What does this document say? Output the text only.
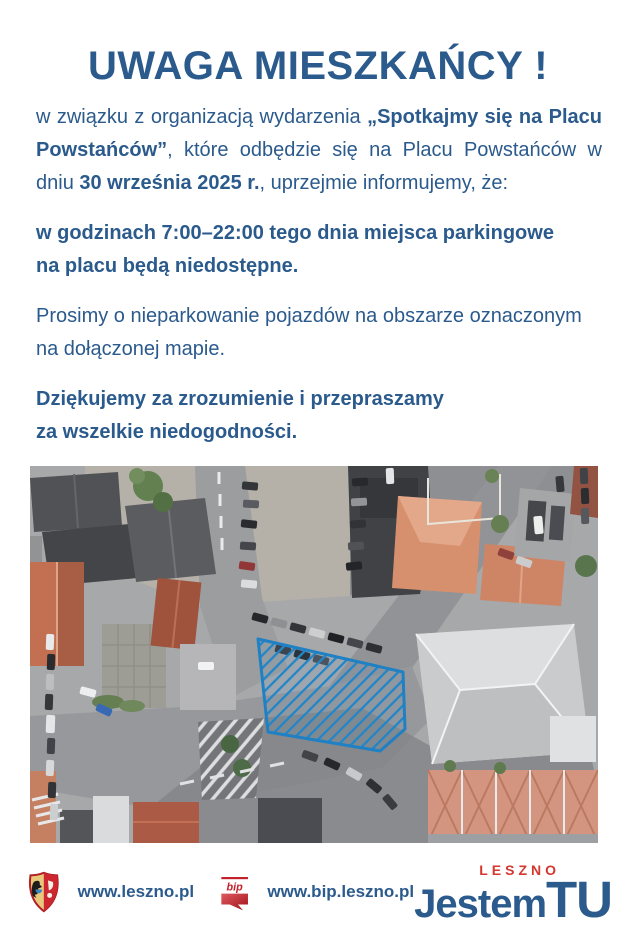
UWAGA MIESZKAŃCY !

w związku z organizacją wydarzenia „Spotkajmy się na Placu Powstańców”, które odbędzie się na Placu Powstańców w dniu 30 września 2025 r., uprzejmie informujemy, że:

w godzinach 7:00–22:00 tego dnia miejsca parkingowe
na placu będą niedostępne.

Prosimy o nieparkowanie pojazdów na obszarze oznaczonym
na dołączonej mapie.

Dziękujemy za zrozumienie i przepraszamy
za wszelkie niedogodności.

www.leszno.pl	bip www.bip.leszno.pl
LESZNO
Jestem TU
